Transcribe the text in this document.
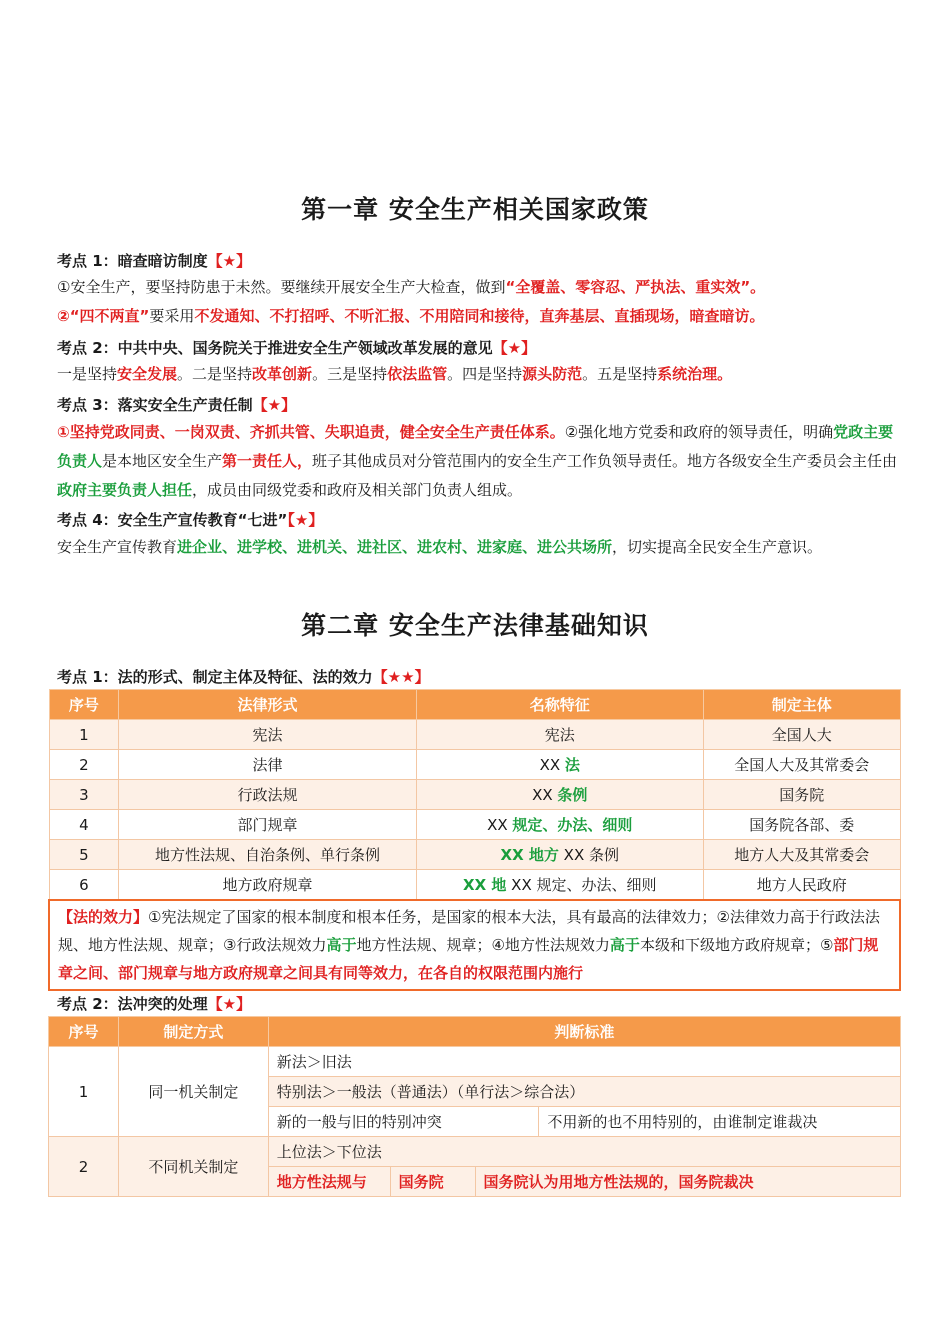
第一章 安全生产相关国家政策
考点 1：暗查暗访制度【★】
①安全生产，要坚持防患于未然。要继续开展安全生产大检查，做到“全覆盖、零容忍、严执法、重实效”。
②“四不两直”要采用不发通知、不打招呼、不听汇报、不用陪同和接待，直奔基层、直插现场，暗查暗访。
考点 2：中共中央、国务院关于推进安全生产领域改革发展的意见【★】
一是坚持安全发展。二是坚持改革创新。三是坚持依法监管。四是坚持源头防范。五是坚持系统治理。
考点 3：落实安全生产责任制【★】
①坚持党政同责、一岗双责、齐抓共管、失职追责，健全安全生产责任体系。②强化地方党委和政府的领导责任，明确党政主要负责人是本地区安全生产第一责任人，班子其他成员对分管范围内的安全生产工作负领导责任。地方各级安全生产委员会主任由政府主要负责人担任，成员由同级党委和政府及相关部门负责人组成。
考点 4：安全生产宣传教育“七进”【★】
安全生产宣传教育进企业、进学校、进机关、进社区、进农村、进家庭、进公共场所，切实提高全民安全生产意识。
第二章 安全生产法律基础知识
考点 1：法的形式、制定主体及特征、法的效力【★★】
序号	法律形式	名称特征	制定主体
1	宪法	宪法	全国人大
2	法律	XX 法	全国人大及其常委会
3	行政法规	XX 条例	国务院
4	部门规章	XX 规定、办法、细则	国务院各部、委
5	地方性法规、自治条例、单行条例	XX 地方 XX 条例	地方人大及其常委会
6	地方政府规章	XX 地 XX 规定、办法、细则	地方人民政府
【法的效力】①宪法规定了国家的根本制度和根本任务，是国家的根本大法，具有最高的法律效力；②法律效力高于行政法法规、地方性法规、规章；③行政法规效力高于地方性法规、规章；④地方性法规效力高于本级和下级地方政府规章；⑤部门规章之间、部门规章与地方政府规章之间具有同等效力，在各自的权限范围内施行			
考点 2：法冲突的处理【★】
序号	制定方式	判断标准			
1	同一机关制定	新法＞旧法			
		特别法＞一般法（普通法）（单行法＞综合法）			
		新的一般与旧的特别冲突			不用新的也不用特别的，由谁制定谁裁决
2	不同机关制定	上位法＞下位法			
		地方性法规与	国务院	国务院认为用地方性法规的，国务院裁决	
